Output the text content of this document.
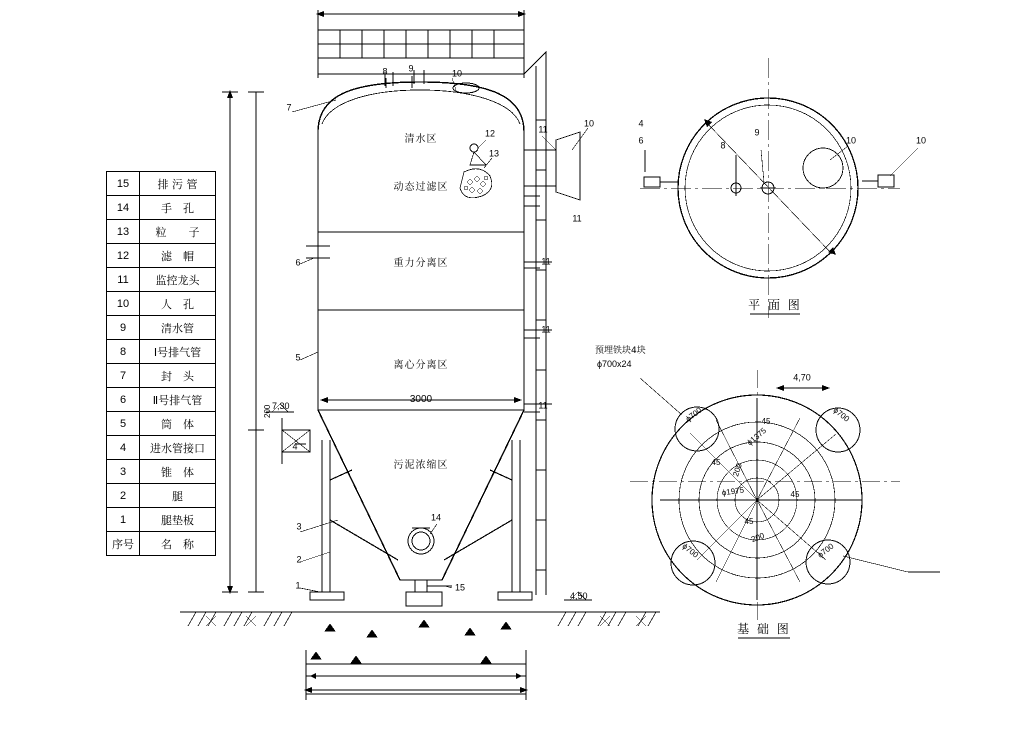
15	排 污 管
14	手　孔
13	粒　　子
12	滤　帽
11	监控龙头
10	人　孔
9	清水管
8	Ⅰ号排气管
7	封　头
6	Ⅱ号排气管
5	筒　体
4	进水管接口
3	锥　体
2	腿
1	腿垫板
序号	名　称
清水区
动态过滤区
重力分离区
离心分离区
污泥浓缩区
3000
7,30
200
4,50
7
8 9	10
12
13
11
11
11
11
11
6
5
4
3
2
1
14
15
10	4
6	8
9
10	10
平 面 图
预埋铁块4块
ϕ700x24
4,70
ϕ1375
ϕ1975
ϕ700	ϕ700
ϕ700	ϕ700
200
200
45
45
45
45
基 础 图
